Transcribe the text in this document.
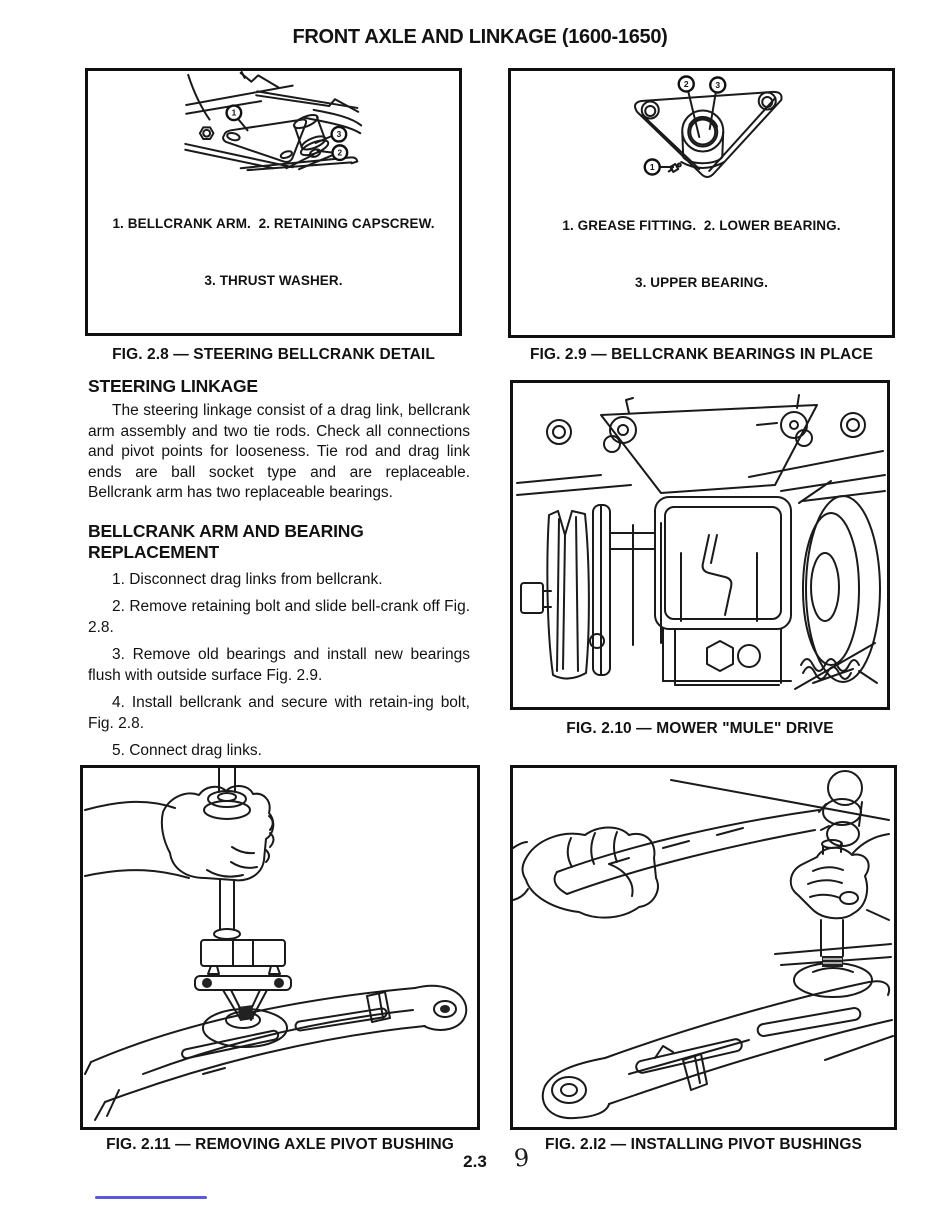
FRONT AXLE AND LINKAGE (1600-1650)
1
3
2

1. BELLCRANK ARM.  2. RETAINING CAPSCREW.

3. THRUST WASHER.

FIG. 2.8 — STEERING BELLCRANK DETAIL
2 3
1

1. GREASE FITTING.  2. LOWER BEARING.

3. UPPER BEARING.

FIG. 2.9 — BELLCRANK BEARINGS IN PLACE
STEERING LINKAGE

The steering linkage consist of a drag link, bellcrank arm assembly and two tie rods. Check all connections and pivot points for looseness. Tie rod and drag link ends are ball socket type and are replaceable. Bellcrank arm has two replaceable bearings.

BELLCRANK ARM AND BEARING REPLACEMENT

1. Disconnect drag links from bellcrank.

2. Remove retaining bolt and slide bell-crank off Fig. 2.8.

3. Remove old bearings and install new bearings flush with outside surface Fig. 2.9.

4. Install bellcrank and secure with retain-ing bolt, Fig. 2.8.

5. Connect drag links.

FIG. 2.10 — MOWER "MULE" DRIVE
FIG. 2.11 — REMOVING AXLE PIVOT BUSHING	FIG. 2.I2 — INSTALLING PIVOT BUSHINGS
2.3	9
